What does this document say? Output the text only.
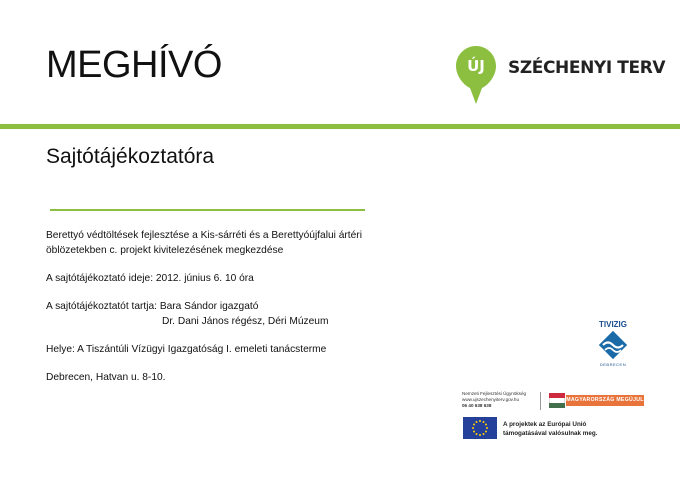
MEGHÍVÓ	ÚJ	SZÉCHENYI TERV
Sajtótájékoztatóra
Berettyó védtöltések fejlesztése a Kis-sárréti és a Berettyóújfalui ártéri
öblözetekben c. projekt kivitelezésének megkezdése
A sajtótájékoztató ideje: 2012. június 6. 10 óra
A sajtótájékoztatót tartja: Bara Sándor igazgató
Dr. Dani János régész, Déri Múzeum
Helye: A Tiszántúli Vízügyi Igazgatóság I. emeleti tanácsterme
Debrecen, Hatvan u. 8-10.
TIVIZIG
DEBRECEN
Nemzeti Fejlesztési Ügynökség
www.ujszechenyiterv.gov.hu
06 40 638 638
MAGYARORSZÁG MEGÚJUL
A projektek az Európai Unió
támogatásával valósulnak meg.
